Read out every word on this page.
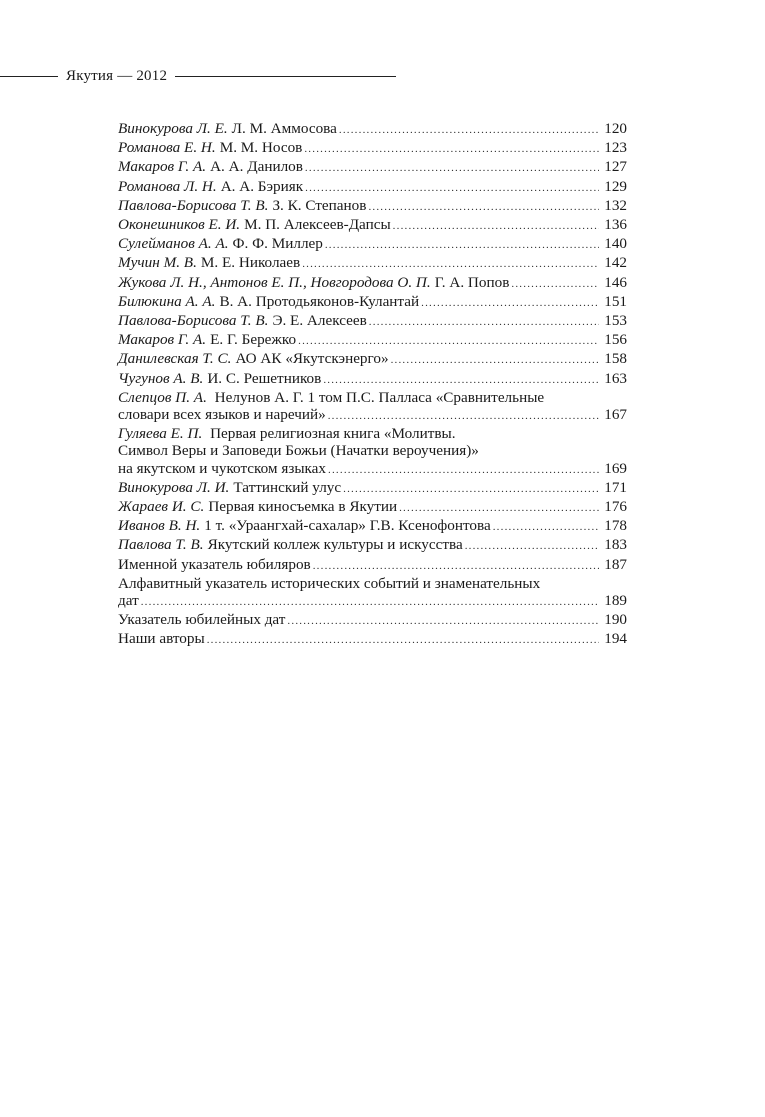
Якутия — 2012
Винокурова Л. Е. Л. М. Аммосова .....	120
Романова Е. Н. М. М. Носов .....	123
Макаров Г. А. А. А. Данилов .....	127
Романова Л. Н. А. А. Бэрияк .....	129
Павлова-Борисова Т. В. З. К. Степанов .....	132
Оконешников Е. И. М. П. Алексеев-Дапсы .....	136
Сулейманов А. А. Ф. Ф. Миллер .....	140
Мучин М. В. М. Е. Николаев .....	142
Жукова Л. Н., Антонов Е. П., Новгородова О. П. Г. А. Попов .....	146
Билюкина А. А. В. А. Протодьяконов-Кулантай .....	151
Павлова-Борисова Т. В. Э. Е. Алексеев .....	153
Макаров Г. А. Е. Г. Бережко .....	156
Данилевская Т. С. АО АК «Якутскэнерго» .....	158
Чугунов А. В. И. С. Решетников .....	163
Слепцов П. А. Нелунов А. Г. 1 том П.С. Палласа «Сравнительные
словари всех языков и наречий» .....	167
Гуляева Е. П. Первая религиозная книга «Молитвы.
Символ Веры и Заповеди Божьи (Начатки вероучения)»
на якутском и чукотском языках .....	169
Винокурова Л. И. Таттинский улус .....	171
Жараев И. С. Первая киносъемка в Якутии .....	176
Иванов В. Н. 1 т. «Ураангхай-сахалар» Г.В. Ксенофонтова .....	178
Павлова Т. В. Якутский коллеж культуры и искусства .....	183
Именной указатель юбиляров .....	187
Алфавитный указатель исторических событий и знаменательных
дат .....	189
Указатель юбилейных дат .....	190
Наши авторы .....	194
